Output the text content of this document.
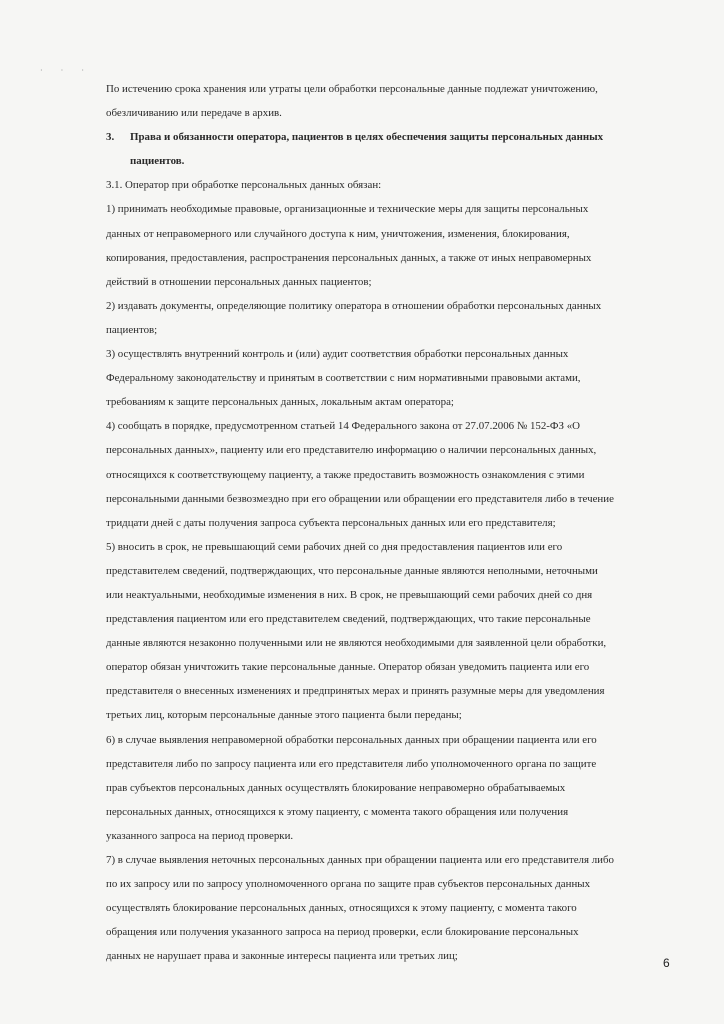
· · ·
По истечению срока хранения или утраты цели обработки персональные данные подлежат уничтожению,
обезличиванию или передаче в архив.
3. Права и обязанности оператора, пациентов в целях обеспечения защиты персональных данных
пациентов.
3.1. Оператор при обработке персональных данных обязан:
1) принимать необходимые правовые, организационные и технические меры для защиты персональных
данных от неправомерного или случайного доступа к ним, уничтожения, изменения, блокирования,
копирования, предоставления, распространения персональных данных, а также от иных неправомерных
действий в отношении персональных данных пациентов;
2) издавать документы, определяющие политику оператора в отношении обработки персональных данных
пациентов;
3) осуществлять внутренний контроль и (или) аудит соответствия обработки персональных данных
Федеральному законодательству и принятым в соответствии с ним нормативными правовыми актами,
требованиям к защите персональных данных, локальным актам оператора;
4) сообщать в порядке, предусмотренном статьей 14 Федерального закона от 27.07.2006 № 152-ФЗ «О
персональных данных», пациенту или его представителю информацию о наличии персональных данных,
относящихся к соответствующему пациенту, а также предоставить возможность ознакомления с этими
персональными данными безвозмездно при его обращении или обращении его представителя либо в течение
тридцати дней с даты получения запроса субъекта персональных данных или его представителя;
5) вносить в срок, не превышающий семи рабочих дней со дня предоставления пациентов или его
представителем сведений, подтверждающих, что персональные данные являются неполными, неточными
или неактуальными, необходимые изменения в них. В срок, не превышающий семи рабочих дней со дня
представления пациентом или его представителем сведений, подтверждающих, что такие персональные
данные являются незаконно полученными или не являются необходимыми для заявленной цели обработки,
оператор обязан уничтожить такие персональные данные. Оператор обязан уведомить пациента или его
представителя о внесенных изменениях и предпринятых мерах и принять разумные меры для уведомления
третьих лиц, которым персональные данные этого пациента были переданы;
6) в случае выявления неправомерной обработки персональных данных при обращении пациента или его
представителя либо по запросу пациента или его представителя либо уполномоченного органа по защите
прав субъектов персональных данных осуществлять блокирование неправомерно обрабатываемых
персональных данных, относящихся к этому пациенту, с момента такого обращения или получения
указанного запроса на период проверки.
7) в случае выявления неточных персональных данных при обращении пациента или его представителя либо
по их запросу или по запросу уполномоченного органа по защите прав субъектов персональных данных
осуществлять блокирование персональных данных, относящихся к этому пациенту, с момента такого
обращения или получения указанного запроса на период проверки, если блокирование персональных
данных не нарушает права и законные интересы пациента или третьих лиц;	6
